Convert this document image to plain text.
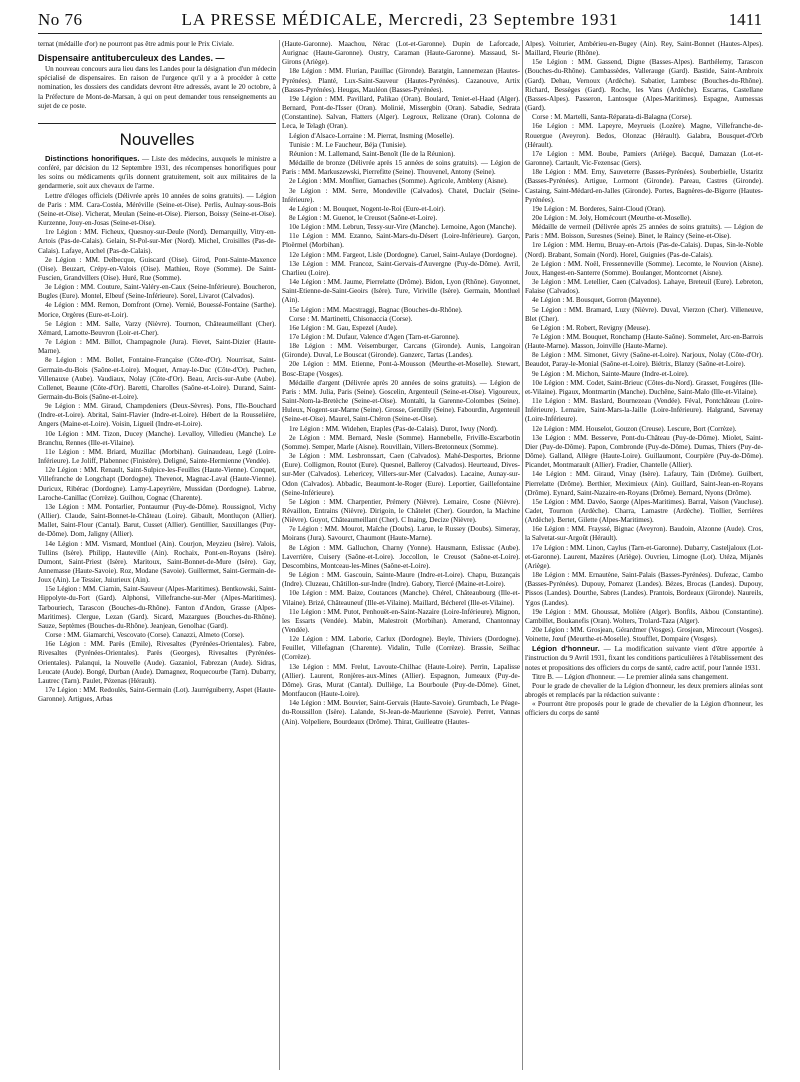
No 76	LA PRESSE MÉDICALE, Mercredi, 23 Septembre 1931	1411

ternat (médaille d'or) ne pourront pas être admis pour le Prix Civiale.

Dispensaire antituberculeux des Landes. —

Un nouveau concours aura lieu dans les Landes pour la désignation d'un médecin spécialisé de dispensaires. En raison de l'urgence qu'il y a à procéder à cette nomination, les dossiers des candidats devront être adressés, avant le 20 octobre, à la Préfecture de Mont-de-Marsan, à qui on peut demander tous renseignements au sujet de ce poste.

Nouvelles

Distinctions honorifiques. — Liste des médecins, auxquels le ministre a conféré, par décision du 12 Septembre 1931, des récompenses honorifiques pour les soins ou médicaments qu'ils donnent gratuitement, soit aux militaires de la gendarmerie, soit aux chevaux de l'arme.

Lettre d'éloges officiels (Délivrée après 10 années de soins gratuits). — Légion de Paris : MM. Cara-Costéa, Méréville (Seine-et-Oise). Perlis, Aulnay-sous-Bois (Seine-et-Oise). Vicherat, Meulan (Seine-et-Oise). Pierson, Boissy (Seine-et-Oise). Kurzenne, Jouy-en-Josas (Seine-et-Oise).

1re Légion : MM. Ficheux, Quesnoy-sur-Deule (Nord). Demarquilly, Vitry-en-Artois (Pas-de-Calais). Gelain, St-Pol-sur-Mer (Nord). Michel, Croisilles (Pas-de-Calais). Lafaye, Auchel (Pas-de-Calais).

2e Légion : MM. Delbecque, Guiscard (Oise). Girod, Pont-Sainte-Maxence (Oise). Beuzart, Crépy-en-Valois (Oise). Mathieu, Roye (Somme). De Saint-Fuscien, Grandvillers (Oise). Huré, Rue (Somme).

3e Légion : MM. Couture, Saint-Valéry-en-Caux (Seine-Inférieure). Boucheron, Bugles (Eure). Montel, Elbeuf (Seine-Inférieure). Sorel, Livarot (Calvados).

4e Légion : MM. Remon, Domfront (Orne). Vernié, Bouessé-Fontaine (Sarthe). Morice, Orgères (Eure-et-Loir).

5e Légion : MM. Salle, Varzy (Nièvre). Tournon, Châteaumeillant (Cher). Xémard, Lamotte-Beuvron (Loir-et-Cher).

7e Légion : MM. Billot, Champagnole (Jura). Fievet, Saint-Dizier (Haute-Marne).

8e Légion : MM. Bollet, Fontaine-Française (Côte-d'Or). Nourrisat, Saint-Germain-du-Bois (Saône-et-Loire). Moquet, Arnay-le-Duc (Côte-d'Or). Puchen, Villenauxe (Aube). Vaudiaux, Nolay (Côte-d'Or). Beau, Arcis-sur-Aube (Aube). Collenet, Beaune (Côte-d'Or). Baretti, Charolles (Saône-et-Loire). Durand, Saint-Germain-du-Bois (Saône-et-Loire).

9e Légion : MM. Giraud, Champdeniers (Deux-Sèvres). Pons, l'Ile-Bouchard (Indre-et-Loire). Abrital, Saint-Flavier (Indre-et-Loire). Hébert de la Rousselière, Angers (Maine-et-Loire). Voisin, Ligueil (Indre-et-Loire).

10e Légion : MM. Tizon, Ducey (Manche). Levalloy, Villedieu (Manche). Le Branchu, Rennes (Ille-et-Vilaine).

11e Légion : MM. Briard, Muzillac (Morbihan). Guinaudeau, Legé (Loire-Inférieure). Le Joliff, Plabennec (Finistère). Deligné, Sainte-Hermienne (Vendée).

12e Légion : MM. Renault, Saint-Sulpice-les-Feuilles (Haute-Vienne). Conquet, Villefranche de Longchapt (Dordogne). Thevenot, Magnac-Laval (Haute-Vienne). Duricux, Ribérac (Dordogne). Lamy-Lapeyrière, Mussidan (Dordogne). Labrue, Laroche-Canillac (Corrèze). Guilhou, Cognac (Charente).

13e Légion : MM. Pontarlier, Pontaumur (Puy-de-Dôme). Roussignol, Vichy (Allier). Claude, Saint-Bonnet-le-Château (Loire). Gibault, Montluçon (Allier). Mallet, Saint-Flour (Cantal). Barut, Cusset (Allier). Gentillier, Sauxillanges (Puy-de-Dôme). Dom, Jaligny (Allier).

14e Légion : MM. Vismard, Montluel (Ain). Courjon, Meyzieu (Isère). Valois, Tullins (Isère). Philipp, Hauteville (Ain). Rochaix, Pont-en-Royans (Isère). Dumont, Saint-Priest (Isère). Maritoux, Saint-Bonnet-de-Mure (Isère). Gay, Annemasse (Haute-Savoie). Roz, Modane (Savoie). Guillermet, Saint-Germain-de-Joux (Ain). Le Tessier, Juiurieux (Ain).

15e Légion : MM. Ciamin, Saint-Sauveur (Alpes-Maritimes). Bentkowski, Saint-Hippolyte-du-Fort (Gard). Alphonsi, Villefranche-sur-Mer (Alpes-Maritimes). Tarbouriech, Tarascon (Bouches-du-Rhône). Fanton d'Andon, Grasse (Alpes-Maritimes). Clergue, Lezan (Gard). Sicard, Mazargues (Bouches-du-Rhône). Sauze, Septèmes (Bouches-du-Rhône). Jeanjean, Genolhac (Gard).

Corse : MM. Giamarchi, Vescovato (Corse). Canazzi, Almeto (Corse).

16e Légion : MM. Parès (Emile), Rivesaltes (Pyrénées-Orientales). Fabre, Rivesaltes (Pyrénées-Orientales). Parès (Georges), Rivesaltes (Pyrénées-Orientales). Palanqui, la Nouvelle (Aude). Gazaniol, Fabrezan (Aude). Sidras, Leucate (Aude). Bongé, Durban (Aude). Damagnez, Roquecourbe (Tarn). Dubarry, Lautrec (Tarn). Paulet, Pézenas (Hérault).

17e Légion : MM. Redoulès, Saint-Germain (Lot). Jaurréguiberry, Aspet (Haute-Garonne). Artigues, Arbas

(Haute-Garonne). Maachou, Nérac (Lot-et-Garonne). Dupin de Laforcade, Aurignac (Haute-Garonne). Oustry, Caraman (Haute-Garonne). Massaud, St-Girons (Ariège).

18e Légion : MM. Flurian, Pauillac (Gironde). Baratgin, Lannemezan (Hautes-Pyrénées). Planté, Lux-Saint-Sauveur (Hautes-Pyrénées). Cazanouve, Artix (Basses-Pyrénées). Heugas, Mauléon (Basses-Pyrénées).

19e Légion : MM. Pavillard, Palikao (Oran). Boulard, Teniet-el-Haad (Alger). Bernard, Pont-de-l'Isser (Oran). Molinié, Missergbin (Oran). Sabadie, Sedrata (Constantine). Salvan, Flatters (Alger). Legroux, Relizane (Oran). Colonna de Leca, le Telagh (Oran).

Légion d'Alsace-Lorraine : M. Pierrat, Insming (Moselle).

Tunisie : M. Le Faucheur, Béja (Tunisie).

Réunion : M. Lallemand, Saint-Benoît (Ile de la Réunion).

Médaille de bronze (Délivrée après 15 années de soins gratuits). — Légion de Paris : MM. Markuszewski, Pierrefitte (Seine). Thouvenel, Antony (Seine).

2e Légion : MM. Monflier, Gamaches (Somme). Agricole, Ambleny (Aisne).

3e Légion : MM. Serre, Mondeville (Calvados). Chatel, Duclair (Seine-Inférieure).

4e Légion : M. Bouquet, Nogent-le-Roi (Eure-et-Loir).

8e Légion : M. Guenot, le Creusot (Saône-et-Loire).

10e Légion : MM. Lebrun, Tessy-sur-Vire (Manche). Lemoine, Agon (Manche).

11e Légion : MM. Ezanno, Saint-Mars-du-Désert (Loire-Inférieure). Garçon, Ploërmel (Morbihan).

12e Légion : MM. Fargeot, Lisle (Dordogne). Caruel, Saint-Aulaye (Dordogne).

13e Légion : MM. Francoz, Saint-Gervais-d'Auvergne (Puy-de-Dôme). Avril, Charlieu (Loire).

14e Légion : MM. Jaume, Pierrelatte (Drôme). Bidon, Lyon (Rhône). Guyonnet, Saint-Etienne-de-Saint-Geoirs (Isère). Ture, Viriville (Isère). Germain, Montluel (Ain).

15e Légion : MM. Macstraggi, Bagnac (Bouches-du-Rhône).

Corse : M. Martinetti, Chisonaccia (Corse).

16e Légion : M. Gau, Espezel (Aude).

17e Légion : M. Dufaur, Valence d'Agen (Tarn-et-Garonne).

18e Légion : MM. Veisemburger, Carcans (Gironde). Aunis, Langoiran (Gironde). Duval, Le Bouscat (Gironde). Ganzerc, Tartas (Landes).

20e Légion : MM. Etienne, Pont-à-Mousson (Meurthe-et-Moselle). Stewart, Bosc-Etape (Vosges).

Médaille d'argent (Délivrée après 20 années de soins gratuits). — Légion de Paris : MM. Julia, Paris (Seine). Goscelin, Argenteuil (Seine-et-Oise). Vigoureux, Saint-Nom-la-Bretèche (Seine-et-Oise). Montalti, la Garenne-Colombes (Seine). Huleux, Nogent-sur-Marne (Seine). Grosse, Gentilly (Seine). Fabourdin, Argenteuil (Seine-et-Oise). Maurel, Saint-Chéron (Seine-et-Oise).

1re Légion : MM. Widehen, Etaples (Pas-de-Calais). Durot, Iwuy (Nord).

2e Légion : MM. Bernard, Nesle (Somme). Hannebelle, Friville-Escarbotin (Somme). Semper, Marle (Aisne). Rouvillain, Villers-Bretonneux (Somme).

3e Légion : MM. Lesbronssart, Caen (Calvados). Mahé-Desportes, Brionne (Eure). Colligmon, Routot (Eure). Quesnel, Balleroy (Calvados). Heurteaud, Dives-sur-Mer (Calvados). Lehericey, Villers-sur-Mer (Calvados). Lacaine, Aunay-sur-Odon (Calvados). Abbadic, Beaumont-le-Roger (Eure). Leportier, Gaillefontaine (Seine-Inférieure).

5e Légion : MM. Charpentier, Prémery (Nièvre). Lemaire, Cosne (Nièvre). Révaillon, Entrains (Nièvre). Dirigoin, le Châtelet (Cher). Gourdon, la Machine (Nièvre). Guyot, Châteaumeillant (Cher). C Inaing, Decize (Nièvre).

7e Légion : MM. Mourot, Maîche (Doubs). Larue, le Russey (Doubs). Simeray, Moirans (Jura). Savourct, Chaumont (Haute-Marne).

8e Légion : MM. Galluchon, Charny (Yonne). Hausmann, Eslissac (Aube). Laverrière, Cuisery (Saône-et-Loire). Joccollon, le Creusot (Saône-et-Loire). Descombins, Montceau-les-Mines (Saône-et-Loire).

9e Légion : MM. Gascouin, Sainte-Maure (Indre-et-Loire). Chapu, Buzançais (Indre). Cluzeau, Châtillon-sur-Indre (Indre). Gabory, Tiercé (Maine-et-Loire).

10e Légion : MM. Baize, Coutances (Manche). Chérel, Châteaubourg (Ille-et-Vilaine). Brizé, Châteauneuf (Ille-et-Vilaine). Maillard, Bécherel (Ille-et-Vilaine).

11e Légion : MM. Putot, Penhouët-en-Saint-Nazaire (Loire-Inférieure). Mignon, les Essarts (Vendée). Mabin, Malestroit (Morbihan). Amerand, Chantonnay (Vendée).

12e Légion : MM. Laborie, Carlux (Dordogne). Beyle, Thiviers (Dordogne). Feuillet, Villefagnan (Charente). Vidalin, Tulle (Corrèze). Brassie, Seilhac (Corrèze).

13e Légion : MM. Frelut, Lavoute-Chilhac (Haute-Loire). Perrin, Lapalisse (Allier). Laurent, Ronjères-aux-Mines (Allier). Espagnon, Jumeaux (Puy-de-Dôme). Gras, Murat (Cantal). Dulliège, La Bourboule (Puy-de-Dôme). Ginet, Montfaucon (Haute-Loire).

14e Légion : MM. Bouvier, Saint-Gervais (Haute-Savoie). Grumbach, Le Péage-du-Roussillon (Isère). Lalande, St-Jean-de-Maurienne (Savoie). Perret, Vannas (Ain). Volpeliere, Bourdeaux (Drôme). Thirat, Guilleatre (Hautes-

Alpes). Voiturier, Ambérieu-en-Bugey (Ain). Rey, Saint-Bonnet (Hautes-Alpes). Maillard, Fleurie (Rhône).

15e Légion : MM. Gassend, Digne (Basses-Alpes). Barthélemy, Tarascon (Bouches-du-Rhône). Cambassèdes, Vallerauge (Gard). Bastide, Saint-Ambroix (Gard). Dehau, Vernoux (Ardèche). Sabatier, Lambesc (Bouches-du-Rhône). Richard, Bessèges (Gard). Roche, les Vans (Ardèche). Escarras, Castellane (Basses-Alpes). Passeron, Lantosque (Alpes-Maritimes). Espagne, Aumessas (Gard).

Corse : M. Martelli, Santa-Réparata-di-Balagna (Corse).

16e Légion : MM. Lapeyre, Meyrueis (Lozère). Magne, Villefranche-de-Rouergue (Aveyron). Bedos, Olonzac (Hérault). Galabra, Bousquet-d'Orb (Hérault).

17e Légion : MM. Boube, Pamiers (Ariège). Bacqué, Damazan (Lot-et-Garonne). Cartault, Vic-Fezensac (Gers).

18e Légion : MM. Erny, Sauveterre (Basses-Pyrénées). Souberbielle, Ustaritz (Basses-Pyrénées). Artigue, Lormont (Gironde). Pareau, Castres (Gironde). Castaing, Saint-Médard-en-Jalles (Gironde). Portes, Bagnères-de-Bigorre (Hautes-Pyrénées).

19e Légion : M. Borderes, Saint-Cloud (Oran).

20e Légion : M. Joly, Homécourt (Meurthe-et-Moselle).

Médaille de vermeil (Délivrée après 25 années de soins gratuits). — Légion de Paris : MM. Boisson, Suresnes (Seine). Binet, le Raincy (Seine-et-Oise).

1re Légion : MM. Hernu, Bruay-en-Artois (Pas-de-Calais). Dupas, Sin-le-Noble (Nord). Brabant, Somain (Nord). Horel, Guignies (Pas-de-Calais).

2e Légion : MM. Noël, Fressenneville (Somme). Lecomte, le Nouvion (Aisne). Joux, Hangest-en-Santerre (Somme). Boulanger, Montcornet (Aisne).

3e Légion : MM. Letellier, Caen (Calvados). Lahaye, Breteuil (Eure). Lebreton, Falaise (Calvados).

4e Légion : M. Bousquet, Gorron (Mayenne).

5e Légion : MM. Bramard, Luzy (Nièvre). Duval, Vierzon (Cher). Villeneuve, Blet (Cher).

6e Légion : M. Robert, Revigny (Meuse).

7e Légion : MM. Bouquet, Ronchamp (Haute-Saône). Sommelet, Arc-en-Barrois (Haute-Marne). Masson, Joinville (Haute-Marne).

8e Légion : MM. Simonet, Givry (Saône-et-Loire). Narjoux, Nolay (Côte-d'Or). Beaudot, Paray-le-Monial (Saône-et-Loire). Biétrix, Blanzy (Saône-et-Loire).

9e Légion : M. Michon, Sainte-Maure (Indre-et-Loire).

10e Légion : MM. Codet, Saint-Brieuc (Côtes-du-Nord). Grasset, Fougères (Ille-et-Vilaine). Pigaux, Montmartin (Manche). Duchêne, Saint-Malo (Ille-et-Vilaine).

11e Légion : MM. Baslard, Bournezeau (Vendée). Féval, Pontchâteau (Loire-Inférieure). Lemaire, Saint-Mars-la-Jaille (Loire-Inférieure). Halgrand, Savenay (Loire-Inférieure).

12e Légion : MM. Houselot, Gouzon (Creuse). Lescure, Bort (Corrèze).

13e Légion : MM. Besserve, Pont-du-Château (Puy-de-Dôme). Miolet, Saint-Dier (Puy-de-Dôme). Papon, Combronde (Puy-de-Dôme). Dumas, Thiers (Puy-de-Dôme). Galland, Allègre (Haute-Loire). Guillaumont, Courpière (Puy-de-Dôme). Picandet, Montmarault (Allier). Fradier, Chantelle (Allier).

14e Légion : MM. Giraud, Vinay (Isère). Lafaury, Tain (Drôme). Guilbert, Pierrelatte (Drôme). Berthier, Meximieux (Ain). Guillard, Saint-Jean-en-Royans (Drôme). Eynard, Saint-Nazaire-en-Royans (Drôme). Bernard, Nyons (Drôme).

15e Légion : MM. Davéo, Saorge (Alpes-Maritimes). Barral, Vaison (Vaucluse). Cadet, Tournon (Ardèche). Charra, Lamastre (Ardèche). Tiollier, Serrières (Ardèche). Bertet, Gilette (Alpes-Maritimes).

16e Légion : MM. Frayssé, Bignac (Aveyron). Baudoin, Alzonne (Aude). Cros, la Salvetat-sur-Argoût (Hérault).

17e Légion : MM. Linon, Caylus (Tarn-et-Garonne). Dubarry, Casteljaloux (Lot-et-Garonne). Laurent, Mazères (Ariège). Ouvrieu, Limogne (Lot). Utéza, Mijanès (Ariège).

18e Légion : MM. Ernautène, Saint-Palais (Basses-Pyrénées). Dufezac, Cambo (Basses-Pyrénées). Dupouy, Pomarez (Landes). Bézes, Brocas (Landes). Dupouy, Pissos (Landes). Dourthe, Sabres (Landes). Prantois, Bordeaux (Gironde). Naureils, Ygos (Landes).

19e Légion : MM. Ghoussat, Molière (Alger). Bonfils, Akbou (Constantine). Cambillet, Boukanefis (Oran). Wolters, Trolard-Taza (Alger).

20e Légion : MM. Grosjean, Gérardmer (Vosges). Grosjean, Mirecourt (Vosges). Voinette, Jœuf (Meurthe-et-Moselle). Stoufflet, Dompaire (Vosges).

Légion d'honneur. — La modification suivante vient d'être apportée à l'instruction du 9 Avril 1931, fixant les conditions particulières à l'établissement des notes et propositions des officiers du corps de santé, cadre actif, pour l'année 1931.

Titre B. — Légion d'honneur. — Le premier alinéa sans changement.

Pour le grade de chevalier de la Légion d'honneur, les deux premiers alinéas sont abrogés et remplacés par la rédaction suivante :

« Pourront être proposés pour le grade de chevalier de la Légion d'honneur, les officiers du corps de santé
